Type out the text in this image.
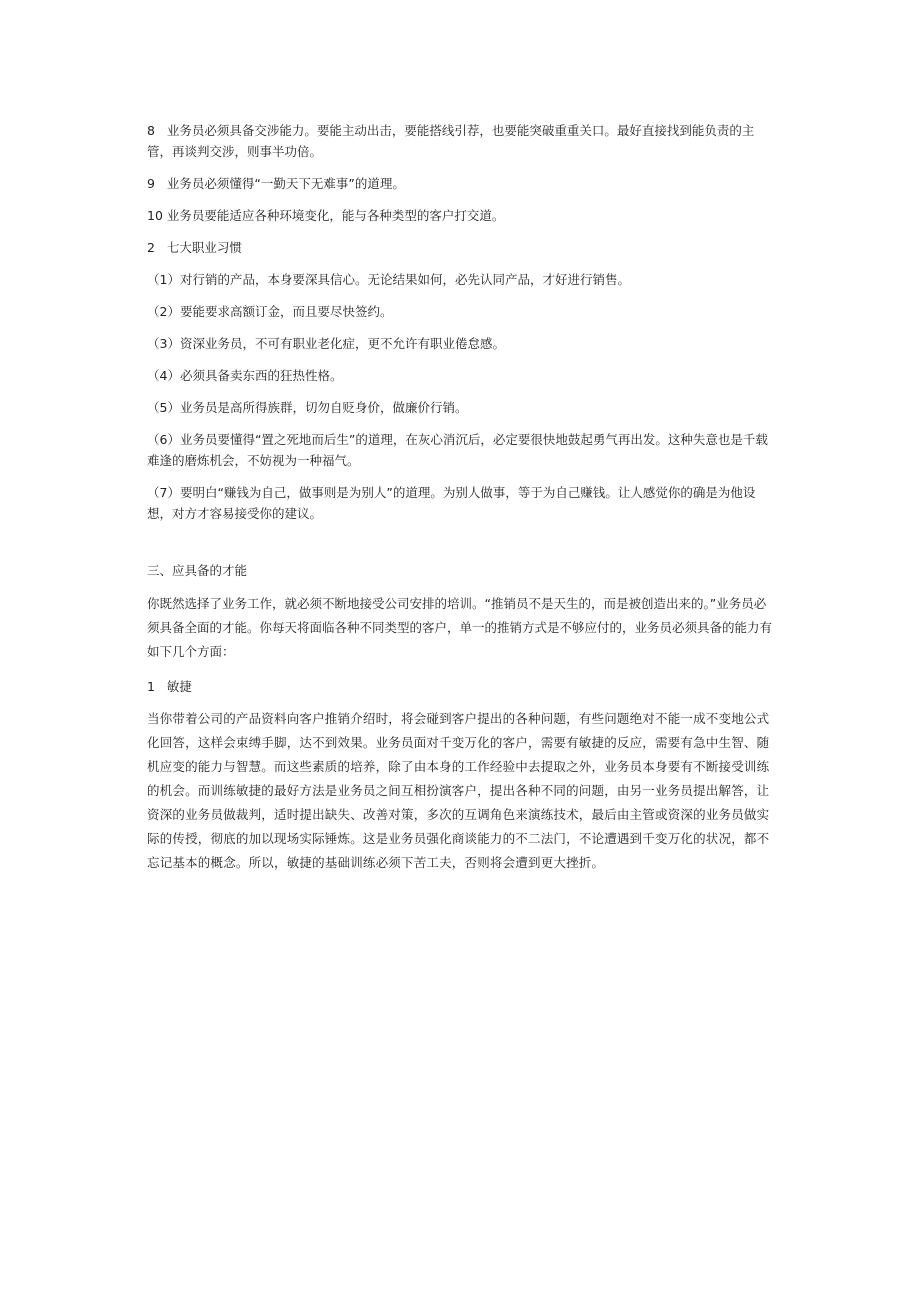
8 业务员必须具备交涉能力。要能主动出击，要能搭线引荐，也要能突破重重关口。最好直接找到能负责的主管，再谈判交涉，则事半功倍。

9 业务员必须懂得“一勤天下无难事”的道理。

10 业务员要能适应各种环境变化，能与各种类型的客户打交道。

2 七大职业习惯

（1）对行销的产品，本身要深具信心。无论结果如何，必先认同产品，才好进行销售。

（2）要能要求高额订金，而且要尽快签约。

（3）资深业务员，不可有职业老化症，更不允许有职业倦怠感。

（4）必须具备卖东西的狂热性格。

（5）业务员是高所得族群，切勿自贬身价，做廉价行销。

（6）业务员要懂得“置之死地而后生”的道理，在灰心消沉后，必定要很快地鼓起勇气再出发。这种失意也是千载难逢的磨炼机会，不妨视为一种福气。

（7）要明白“赚钱为自己，做事则是为别人”的道理。为别人做事，等于为自己赚钱。让人感觉你的确是为他设想，对方才容易接受你的建议。

三、应具备的才能

你既然选择了业务工作，就必须不断地接受公司安排的培训。“推销员不是天生的，而是被创造出来的。”业务员必须具备全面的才能。你每天将面临各种不同类型的客户，单一的推销方式是不够应付的，业务员必须具备的能力有如下几个方面：

1 敏捷

当你带着公司的产品资料向客户推销介绍时，将会碰到客户提出的各种问题，有些问题绝对不能一成不变地公式化回答，这样会束缚手脚，达不到效果。业务员面对千变万化的客户，需要有敏捷的反应，需要有急中生智、随机应变的能力与智慧。而这些素质的培养，除了由本身的工作经验中去提取之外，业务员本身要有不断接受训练的机会。而训练敏捷的最好方法是业务员之间互相扮演客户，提出各种不同的问题，由另一业务员提出解答，让资深的业务员做裁判，适时提出缺失、改善对策，多次的互调角色来演练技术，最后由主管或资深的业务员做实际的传授，彻底的加以现场实际锤炼。这是业务员强化商谈能力的不二法门，不论遭遇到千变万化的状况，都不忘记基本的概念。所以，敏捷的基础训练必须下苦工夫，否则将会遭到更大挫折。
